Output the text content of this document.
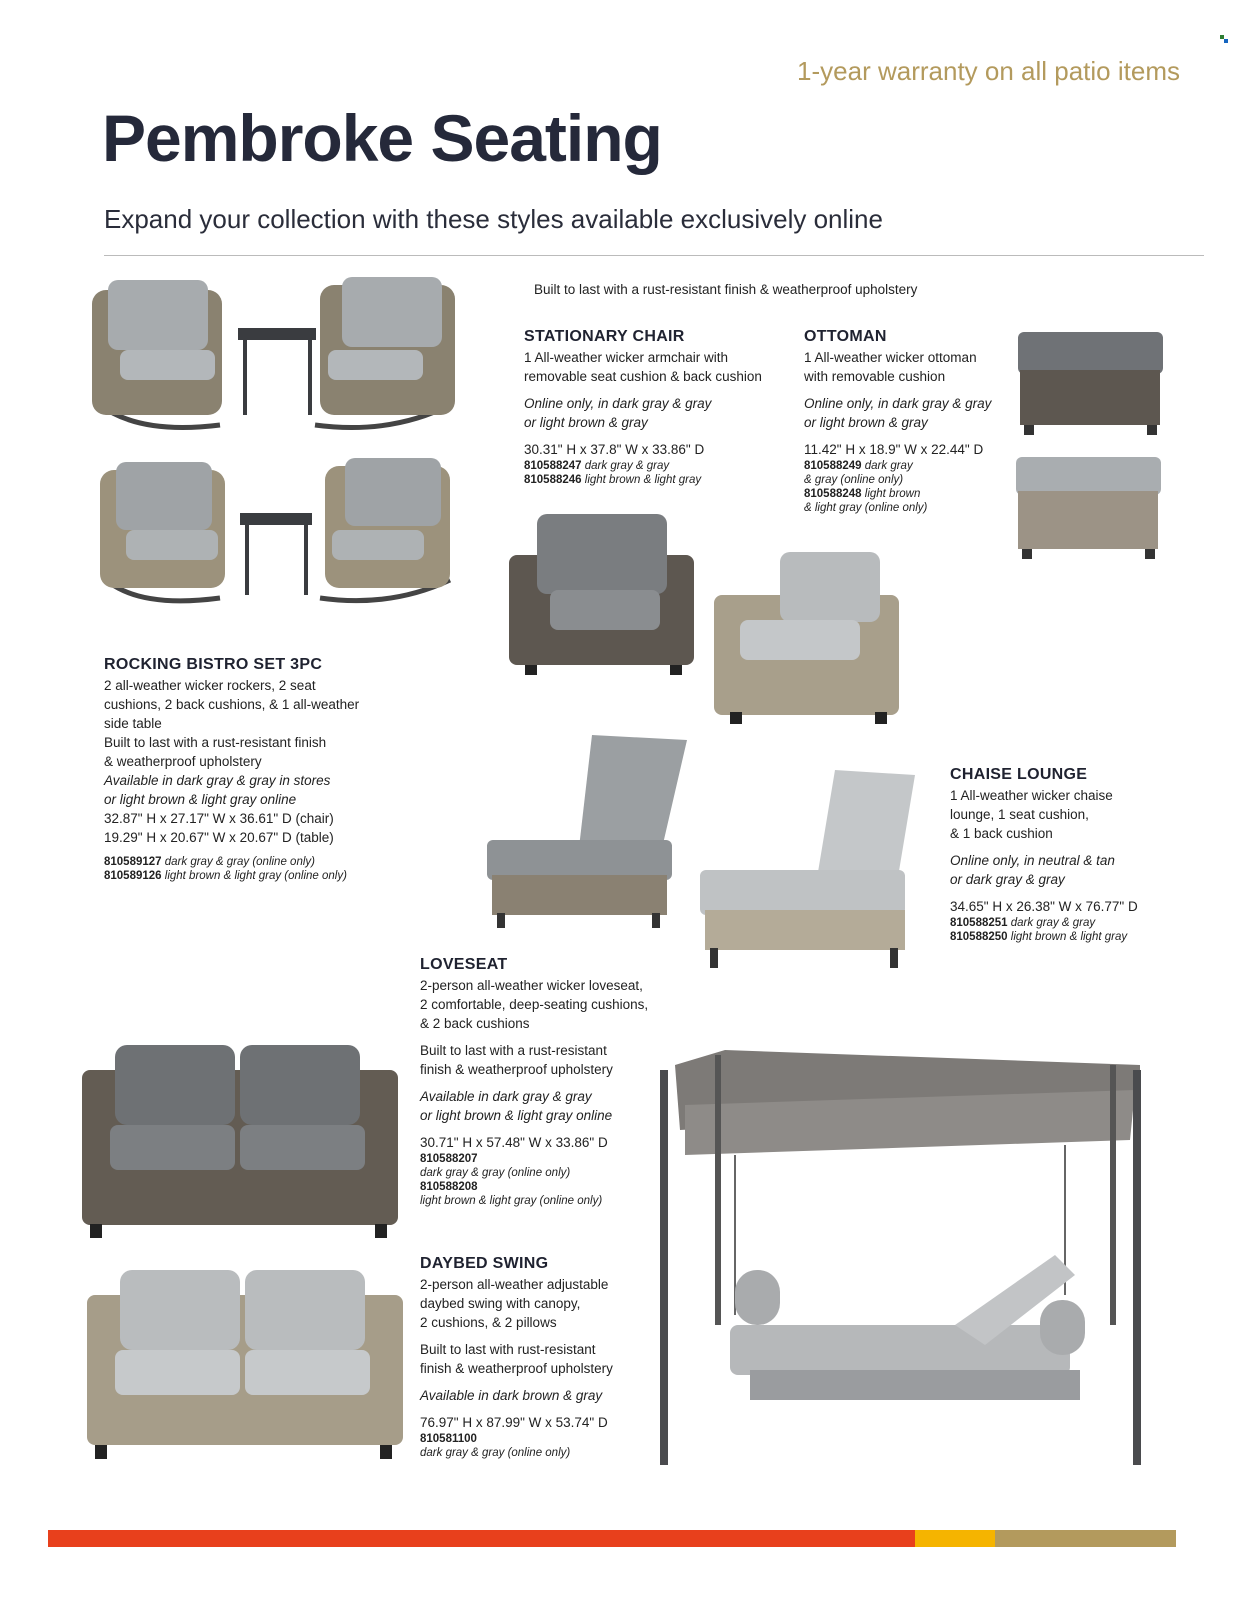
1-year warranty on all patio items
Pembroke Seating
Expand your collection with these styles available exclusively online
Built to last with a rust-resistant finish & weatherproof upholstery
ROCKING BISTRO SET 3PC

2 all-weather wicker rockers, 2 seat

cushions, 2 back cushions, & 1 all-weather

side table

Built to last with a rust-resistant finish

& weatherproof upholstery

Available in dark gray & gray in stores

or light brown & light gray online

32.87" H x 27.17" W x 36.61" D (chair)

19.29" H x 20.67" W x 20.67" D (table)

810589127 dark gray & gray (online only)

810589126 light brown & light gray (online only)

STATIONARY CHAIR

1 All-weather wicker armchair with

removable seat cushion & back cushion

Online only, in dark gray & gray

or light brown & gray

30.31" H x 37.8" W x 33.86" D

810588247 dark gray & gray

810588246 light brown & light gray

OTTOMAN

1 All-weather wicker ottoman

with removable cushion

Online only, in dark gray & gray

or light brown & gray

11.42" H x 18.9" W x 22.44" D

810588249 dark gray

& gray (online only)

810588248 light brown

& light gray (online only)

CHAISE LOUNGE

1 All-weather wicker chaise

lounge, 1 seat cushion,

& 1 back cushion

Online only, in neutral & tan

or dark gray & gray

34.65" H x 26.38" W x 76.77" D

810588251 dark gray & gray

810588250 light brown & light gray

LOVESEAT

2-person all-weather wicker loveseat,

2 comfortable, deep-seating cushions,

& 2 back cushions

Built to last with a rust-resistant

finish & weatherproof upholstery

Available in dark gray & gray

or light brown & light gray online

30.71" H x 57.48" W x 33.86" D

810588207

dark gray & gray (online only)

810588208

light brown & light gray (online only)

DAYBED SWING

2-person all-weather adjustable

daybed swing with canopy,

2 cushions, & 2 pillows

Built to last with rust-resistant

finish & weatherproof upholstery

Available in dark brown & gray

76.97" H x 87.99" W x 53.74" D

810581100

dark gray & gray (online only)
